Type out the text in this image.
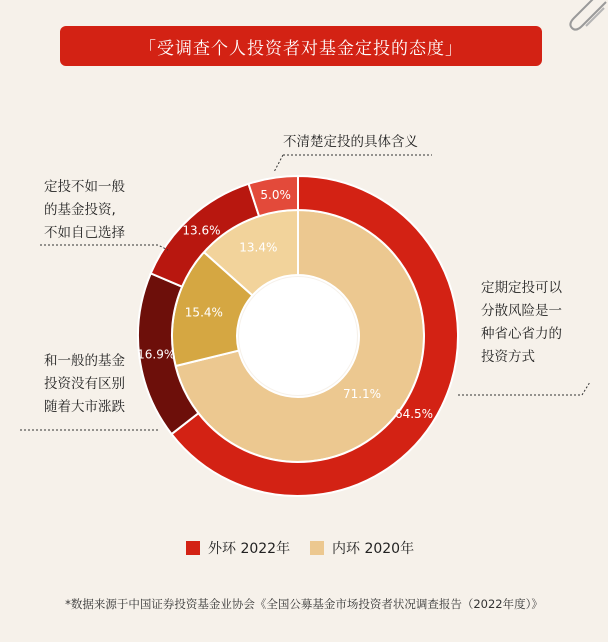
「受调查个人投资者对基金定投的态度」
71.1%
15.4%
13.4%
64.5%
16.9%
13.6%
5.0%
不清楚定投的具体含义
定投不如一般
的基金投资,
不如自己选择
和一般的基金
投资没有区别
随着大市涨跌
定期定投可以
分散风险是一
种省心省力的
投资方式
外环 2022年	内环 2020年
*数据来源于中国证券投资基金业协会《全国公募基金市场投资者状况调查报告（2022年度）》
